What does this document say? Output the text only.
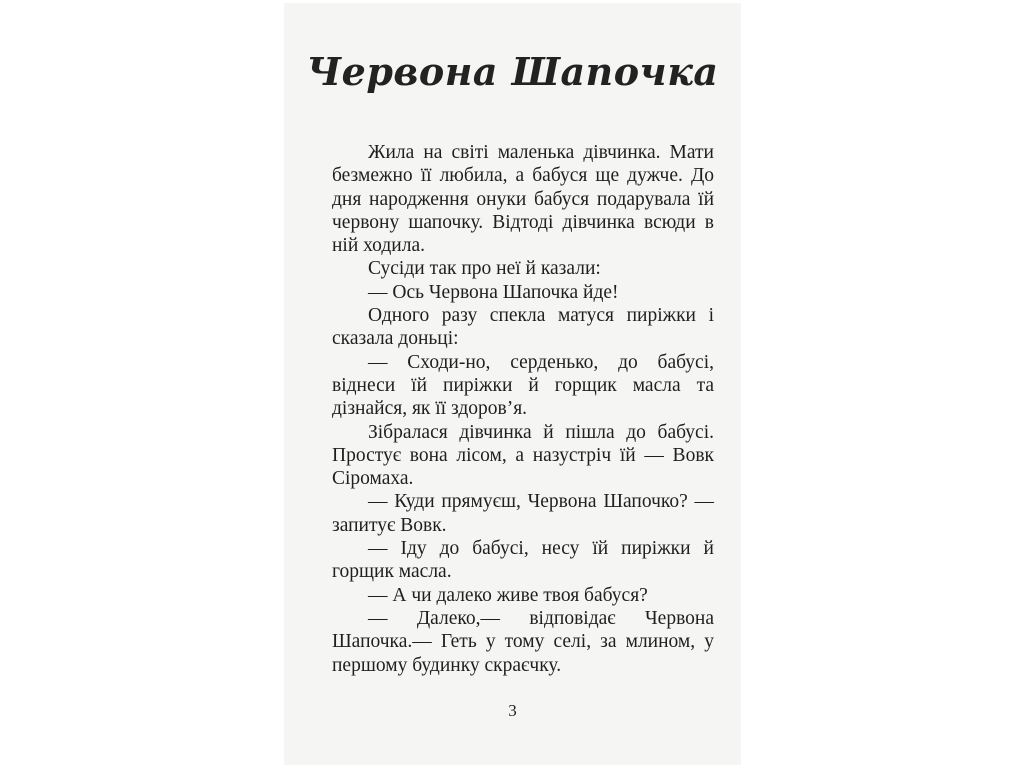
Червона Шапочка

Жила на світі маленька дівчинка. Мати безмежно її любила, а бабуся ще дужче. До дня народження онуки бабуся подарувала їй червону шапочку. Відтоді дівчинка всюди в ній ходила.

Сусіди так про неї й казали:

— Ось Червона Шапочка йде!

Одного разу спекла матуся пиріжки і сказала доньці:

— Сходи-но, серденько, до бабусі, віднеси їй пиріжки й горщик масла та дізнайся, як її здоров’я.

Зібралася дівчинка й пішла до бабусі. Простує вона лісом, а назустріч їй — Вовк Сіромаха.

— Куди прямуєш, Червона Шапочко? — запитує Вовк.

— Іду до бабусі, несу їй пиріжки й горщик масла.

— А чи далеко живе твоя бабуся?

— Далеко,— відповідає Червона Шапочка.— Геть у тому селі, за млином, у першому будинку скраєчку.

3
